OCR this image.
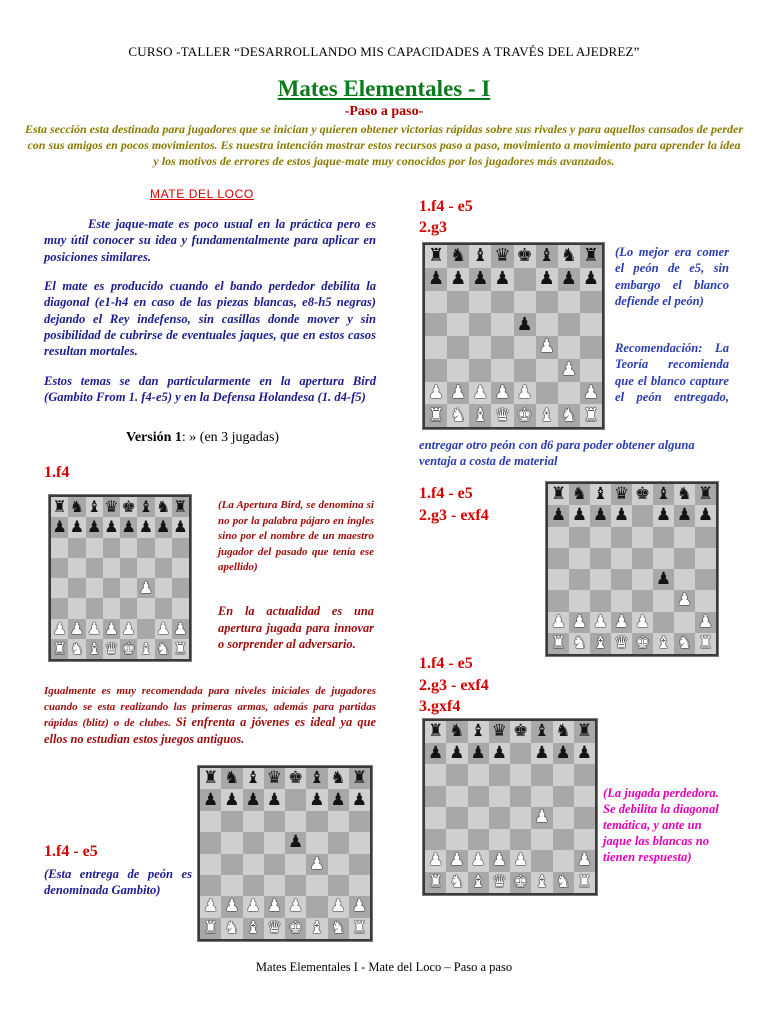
CURSO -TALLER “DESARROLLANDO MIS CAPACIDADES A TRAVÉS DEL AJEDREZ”
Mates Elementales - I
-Paso a paso-
Esta sección esta destinada para jugadores que se inician y quieren obtener victorias rápidas sobre sus rivales y para aquellos cansados de perder con sus amigos en pocos movimientos. Es nuestra intención mostrar estos recursos paso a paso, movimiento a movimiento para aprender la idea y los motivos de errores de estos jaque-mate muy conocidos por los jugadores más avanzados.
MATE DEL LOCO
Este jaque-mate es poco usual en la práctica pero es muy útil conocer su idea y fundamentalmente para aplicar en posiciones similares.
El mate es producido cuando el bando perdedor debilita la diagonal (e1-h4 en caso de las piezas blancas, e8-h5 negras) dejando el Rey indefenso, sin casillas donde mover y sin posibilidad de cubrirse de eventuales jaques, que en estos casos resultan mortales.
Estos temas se dan particularmente en la apertura Bird (Gambito From 1. f4-e5) y en la Defensa Holandesa (1. d4-f5)
Versión 1: » (en 3 jugadas)
1.f4
♜ ♞ ♝ ♛ ♚ ♝ ♞ ♜
♟ ♟ ♟ ♟ ♟ ♟ ♟ ♟
♟
♟ ♟ ♟ ♟ ♟ ♟ ♟
♜ ♞ ♝ ♛ ♚ ♝ ♞ ♜
(La Apertura Bird, se denomina si no por la palabra pájaro en ingles sino por el nombre de un maestro jugador del pasado que tenía ese apellido)
En la actualidad es una apertura jugada para innovar o sorprender al adversario.
Igualmente es muy recomendada para niveles iniciales de jugadores cuando se esta realizando las primeras armas, además para partidas rápidas (blitz) o de clubes. Si enfrenta a jóvenes es ideal ya que ellos no estudian estos juegos antiguos.
♜ ♞ ♝ ♛ ♚ ♝ ♞ ♜
♟ ♟ ♟ ♟ ♟ ♟ ♟
♟
♟
♟ ♟ ♟ ♟ ♟ ♟ ♟
♜ ♞ ♝ ♛ ♚ ♝ ♞ ♜
1.f4 - e5
(Esta entrega de peón es denominada Gambito)
1.f4 - e5
2.g3
♜ ♞ ♝ ♛ ♚ ♝ ♞ ♜
♟ ♟ ♟ ♟ ♟ ♟ ♟
♟
♟
♟
♟ ♟ ♟ ♟ ♟	♟
♜ ♞ ♝ ♛ ♚ ♝ ♞ ♜
(Lo mejor era comer el peón de e5, sin embargo el blanco defiende el peón)
Recomendación: La Teoría recomienda que el blanco capture el peón entregado,
entregar otro peón con d6 para poder obtener alguna ventaja a costa de material
1.f4 - e5
2.g3 - exf4
♜ ♞ ♝ ♛ ♚ ♝ ♞ ♜
♟ ♟ ♟ ♟ ♟ ♟ ♟
♟
♟
♟ ♟ ♟ ♟ ♟	♟
♜ ♞ ♝ ♛ ♚ ♝ ♞ ♜
1.f4 - e5
2.g3 - exf4
3.gxf4
♜ ♞ ♝ ♛ ♚ ♝ ♞ ♜
♟ ♟ ♟ ♟ ♟ ♟ ♟
♟
♟ ♟ ♟ ♟ ♟	♟
♜ ♞ ♝ ♛ ♚ ♝ ♞ ♜
(La jugada perdedora. Se debilita la diagonal temática, y ante un jaque las blancas no tienen respuesta)
Mates Elementales I - Mate del Loco – Paso a paso
